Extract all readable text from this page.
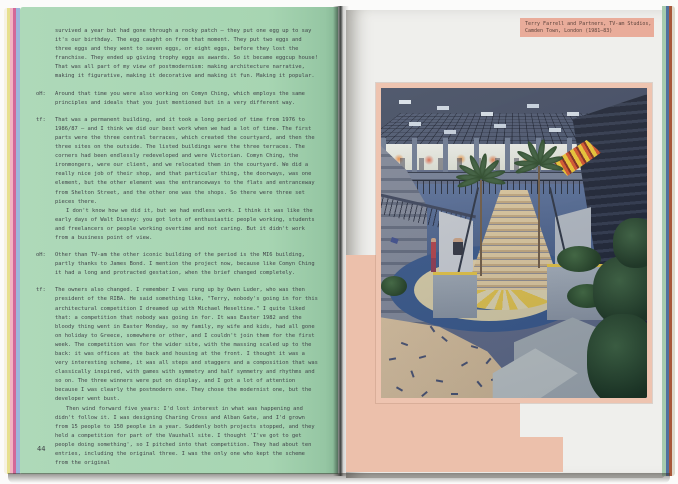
survived a year but had gone through a rocky patch – they put one egg up to say it's our birthday. The egg caught on from that moment. They put two eggs and three eggs and they went to seven eggs, or eight eggs, before they lost the franchise. They ended up giving trophy eggs as awards. So it became eggcup house! That was all part of my view of postmodernism: making architecture narrative, making it figurative, making it decorative and making it fun. Making it popular.

oH: Around that time you were also working on Comyn Ching, which employs the same principles and ideals that you just mentioned but in a very different way.

tf: That was a permanent building, and it took a long period of time from 1976 to 1986/87 – and I think we did our best work when we had a lot of time. The first parts were the three central terraces, which created the courtyard, and then the three sites on the outside. The listed buildings were the three terraces. The corners had been endlessly redeveloped and were Victorian. Comyn Ching, the ironmongers, were our client, and we relocated them in the courtyard. We did a really nice job of their shop, and that particular thing, the doorways, was one element, but the other element was the entranceways to the flats and entranceway from Shelton Street, and the other one was the shops. So there were three set pieces there.

I don't know how we did it, but we had endless work. I think it was like the early days of Walt Disney: you got lots of enthusiastic people working, students and freelancers or people working overtime and not caring. But it didn't work from a business point of view.

oH: Other than TV-am the other iconic building of the period is the MI6 building, partly thanks to James Bond. I mention the project now, because like Comyn Ching it had a long and protracted gestation, when the brief changed completely.

tf: The owners also changed. I remember I was rung up by Owen Luder, who was then president of the RIBA. He said something like, "Terry, nobody's going in for this architectural competition I dreamed up with Michael Heseltine." I quite liked that: a competition that nobody was going in for. It was Easter 1982 and the bloody thing went in Easter Monday, so my family, my wife and kids, had all gone on holiday to Greece, somewhere or other, and I couldn't join them for the first week. The competition was for the wider site, with the massing scaled up to the back: it was offices at the back and housing at the front. I thought it was a very interesting scheme, it was all steps and staggers and a composition that was classically inspired, with games with symmetry and half symmetry and rhythms and so on. The three winners were put on display, and I got a lot of attention because I was clearly the postmodern one. They chose the modernist one, but the developer went bust.

Then wind forward five years: I'd lost interest in what was happening and didn't follow it. I was designing Charing Cross and Alban Gate, and I'd grown from 15 people to 150 people in a year. Suddenly both projects stopped, and they held a competition for part of the Vauxhall site. I thought 'I've got to get people doing something', so I pitched into that competition. They had about ten entries, including the original three. I was the only one who kept the scheme from the original

44
Terry Farrell and Partners, TV-am Studios,
Camden Town, London (1981–83)
